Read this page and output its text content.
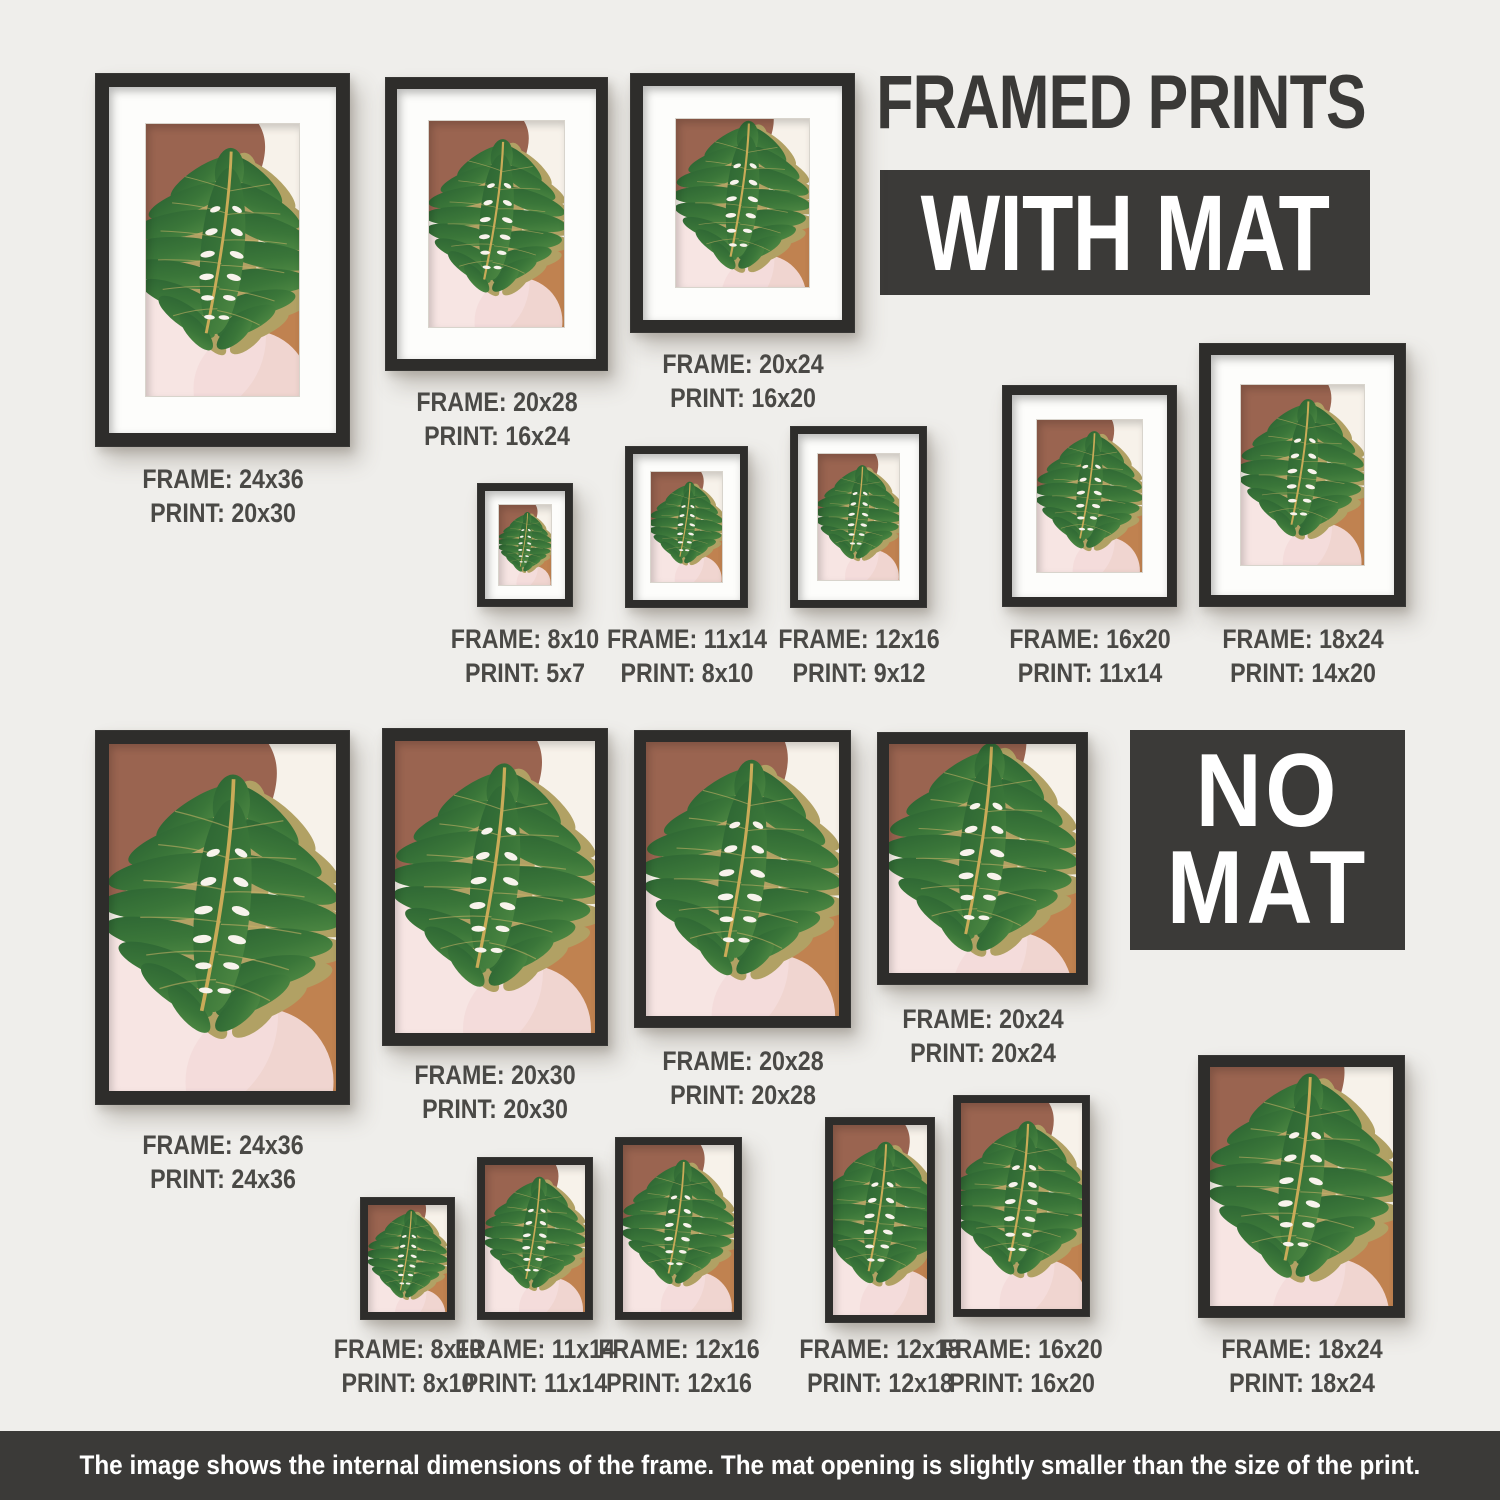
FRAMED PRINTS
WITH MAT
NO
MAT
FRAME: 24x36
PRINT: 20x30
FRAME: 20x28
PRINT: 16x24
FRAME: 20x24
PRINT: 16x20
FRAME: 8x10
PRINT: 5x7
FRAME: 11x14
PRINT: 8x10
FRAME: 12x16
PRINT: 9x12
FRAME: 16x20
PRINT: 11x14
FRAME: 18x24
PRINT: 14x20
FRAME: 24x36
PRINT: 24x36
FRAME: 20x30
PRINT: 20x30
FRAME: 20x28
PRINT: 20x28
FRAME: 20x24
PRINT: 20x24
FRAME: 8x10
PRINT: 8x10
FRAME: 11x14
PRINT: 11x14
FRAME: 12x16
PRINT: 12x16
FRAME: 12x18
PRINT: 12x18
FRAME: 16x20
PRINT: 16x20
FRAME: 18x24
PRINT: 18x24
The image shows the internal dimensions of the frame. The mat opening is slightly smaller than the size of the print.
